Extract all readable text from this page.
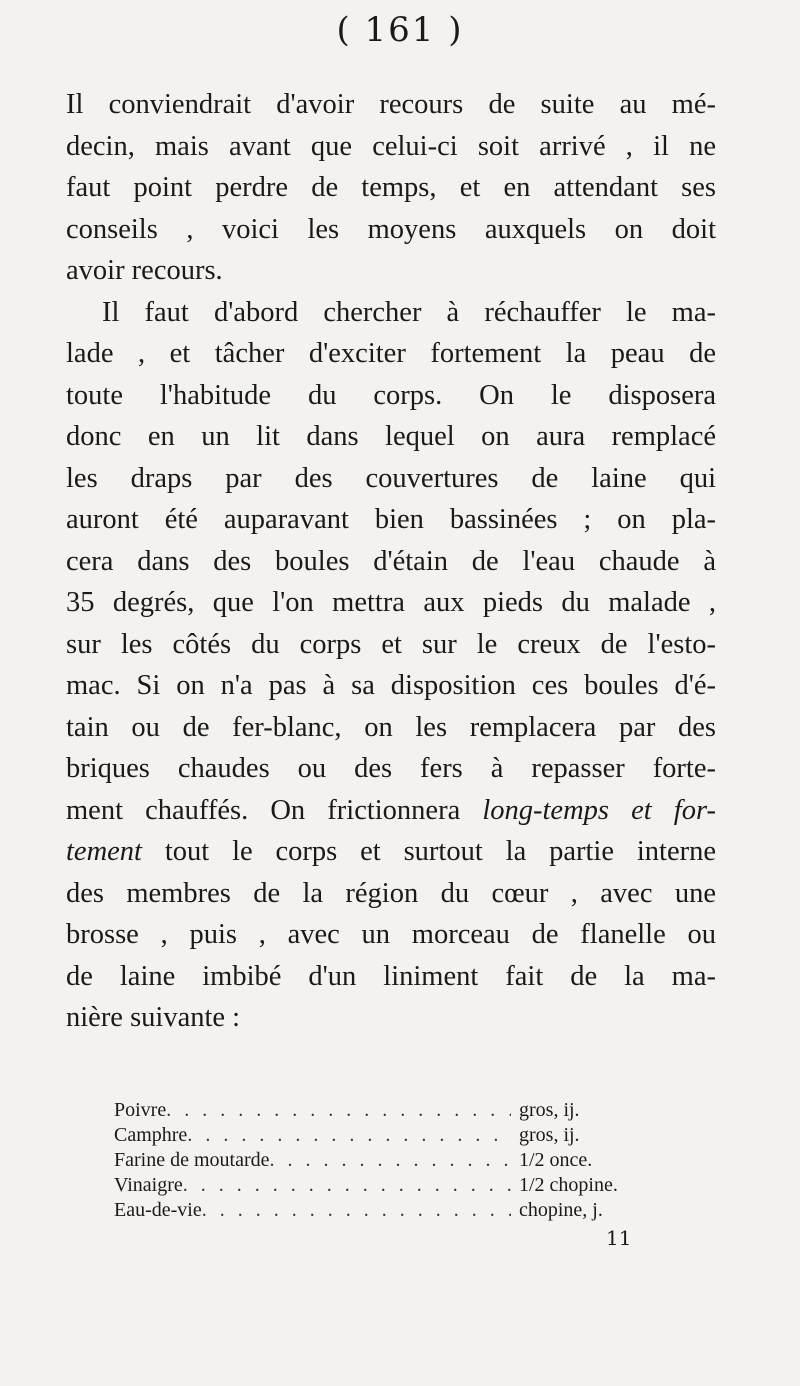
( 161 )
Il conviendrait d'avoir recours de suite au mé-
decin, mais avant que celui-ci soit arrivé , il ne
faut point perdre de temps, et en attendant ses
conseils , voici les moyens auxquels on doit
avoir recours.
Il faut d'abord chercher à réchauffer le ma-
lade , et tâcher d'exciter fortement la peau de
toute l'habitude du corps. On le disposera
donc en un lit dans lequel on aura remplacé
les draps par des couvertures de laine qui
auront été auparavant bien bassinées ; on pla-
cera dans des boules d'étain de l'eau chaude à
35 degrés, que l'on mettra aux pieds du malade ,
sur les côtés du corps et sur le creux de l'esto-
mac. Si on n'a pas à sa disposition ces boules d'é-
tain ou de fer-blanc, on les remplacera par des
briques chaudes ou des fers à repasser forte-
ment chauffés. On frictionnera long-temps et for-
tement tout le corps et surtout la partie interne
des membres de la région du cœur , avec une
brosse , puis , avec un morceau de flanelle ou
de laine imbibé d'un liniment fait de la ma-
nière suivante :
Poivre . . .	gros, ij.
Camphre . . .	gros, ij.
Farine de moutarde . . .	1/2 once.
Vinaigre . . .	1/2 chopine.
Eau-de-vie . . .	chopine, j.
11
